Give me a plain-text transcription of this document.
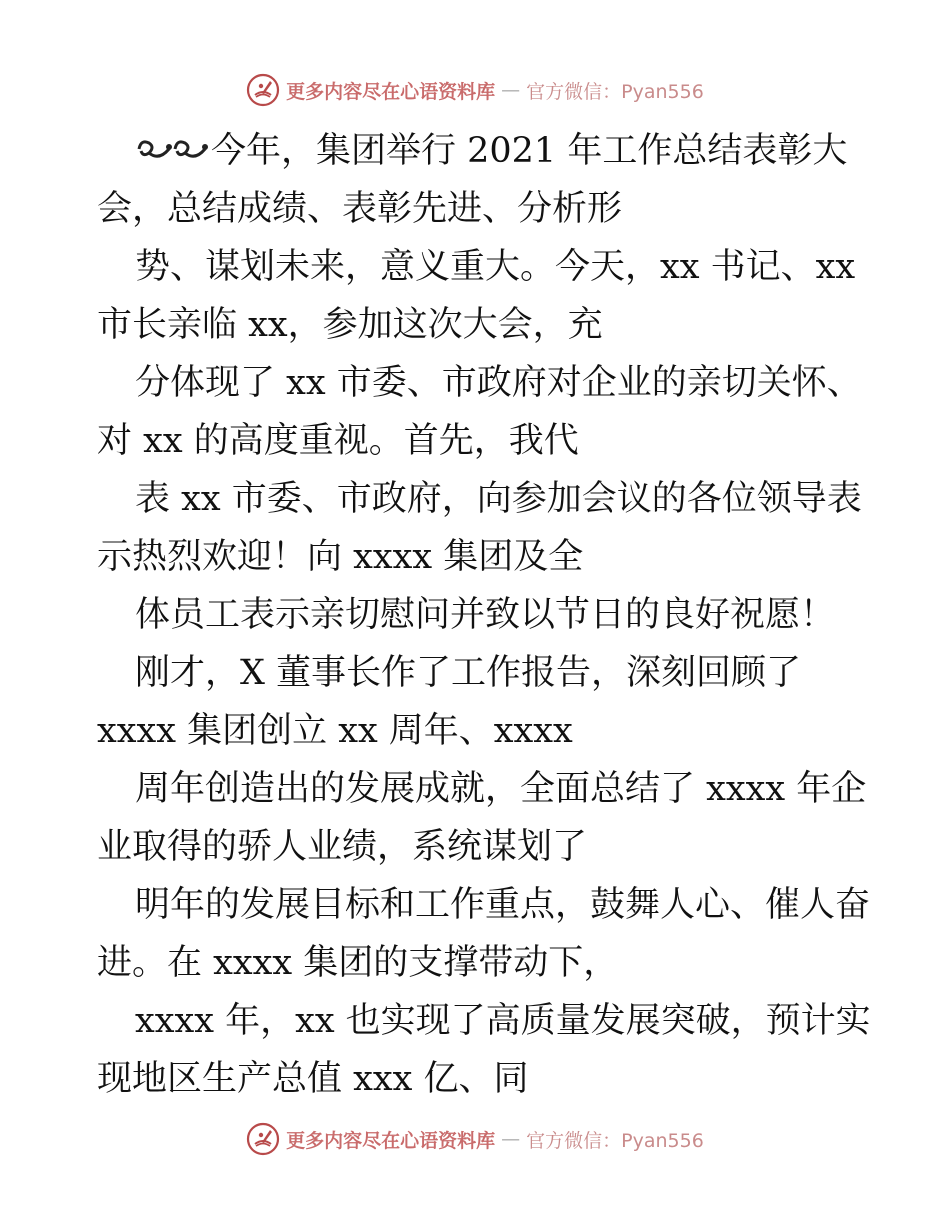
更多内容尽在心语资料库 — 官方微信：Pyan556
今年，集团举行 2021 年工作总结表彰大
会，总结成绩、表彰先进、分析形
势、谋划未来，意义重大。今天，xx 书记、xx
市长亲临 xx，参加这次大会，充
分体现了 xx 市委、市政府对企业的亲切关怀、
对 xx 的高度重视。首先，我代
表 xx 市委、市政府，向参加会议的各位领导表
示热烈欢迎！向 xxxx 集团及全
体员工表示亲切慰问并致以节日的良好祝愿！
刚才，X 董事长作了工作报告，深刻回顾了
xxxx 集团创立 xx 周年、xxxx
周年创造出的发展成就，全面总结了 xxxx 年企
业取得的骄人业绩，系统谋划了
明年的发展目标和工作重点，鼓舞人心、催人奋
进。在 xxxx 集团的支撑带动下，
xxxx 年，xx 也实现了高质量发展突破，预计实
现地区生产总值 xxx 亿、同
更多内容尽在心语资料库 — 官方微信：Pyan556
